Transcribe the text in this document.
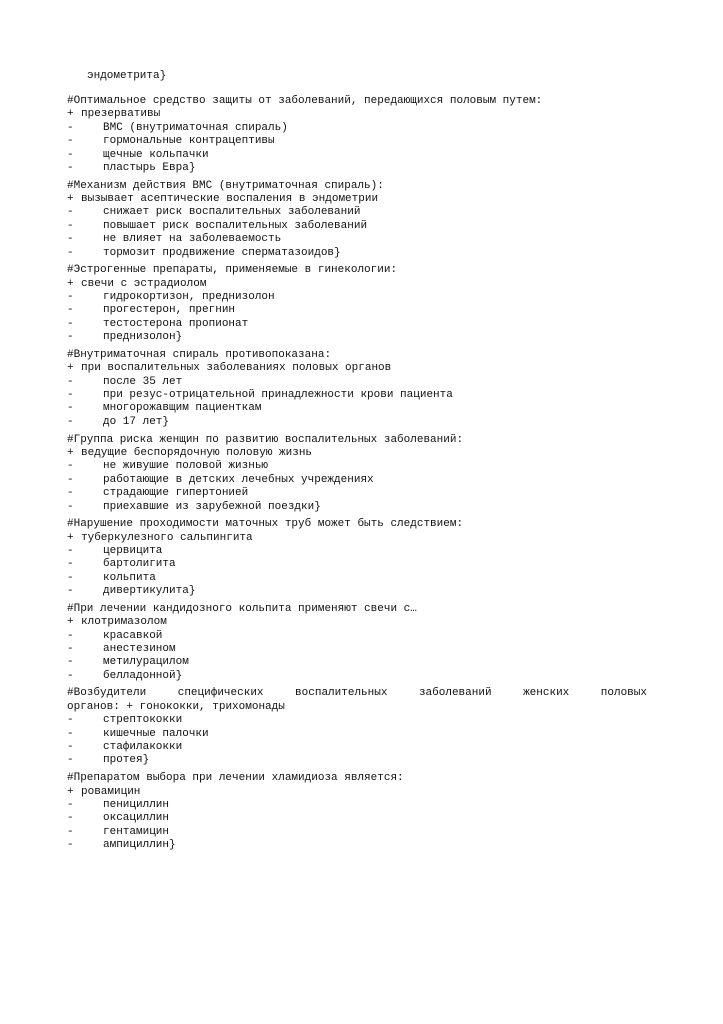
эндометрита}
#Оптимальное средство защиты от заболеваний, передающихся половым путем:
+ презервативы
-	ВМС (внутриматочная спираль)
-	гормональные контрацептивы
-	щечные кольпачки
-	пластырь Евра}
#Механизм действия ВМС (внутриматочная спираль):
+ вызывает асептические воспаления в эндометрии
-	снижает риск воспалительных заболеваний
-	повышает риск воспалительных заболеваний
-	не влияет на заболеваемость
-	тормозит продвижение сперматазоидов}
#Эстрогенные препараты, применяемые в гинекологии:
+ свечи с эстрадиолом
-	гидрокортизон, преднизолон
-	прогестерон, прегнин
-	тестостерона пропионат
-	преднизолон}
#Внутриматочная спираль противопоказана:
+ при воспалительных заболеваниях половых органов
-	после 35 лет
-	при резус-отрицательной принадлежности крови пациента
-	многорожавщим пациенткам
-	до 17 лет}
#Группа риска женщин по развитию воспалительных заболеваний:
+ ведущие беспорядочную половую жизнь
-	не живушие половой жизнью
-	работающие в детских лечебных учреждениях
-	страдающие гипертонией
-	приехавшие из зарубежной поездки}
#Нарушение проходимости маточных труб может быть следствием:
+ туберкулезного сальпингита
-	цервицита
-	бартолигита
-	кольпита
-	дивертикулита}
#При лечении кандидозного кольпита применяют свечи с…
+ клотримазолом
-	красавкой
-	анестезином
-	метилурацилом
-	белладонной}
#Возбудители специфических воспалительных заболеваний женских половых
органов: + гонококки, трихомонады
-	стрептококки
-	кишечные палочки
-	стафилакокки
-	протея}
#Препаратом выбора при лечении хламидиоза является:
+ ровамицин
-	пенициллин
-	оксациллин
-	гентамицин
-	ампициллин}
